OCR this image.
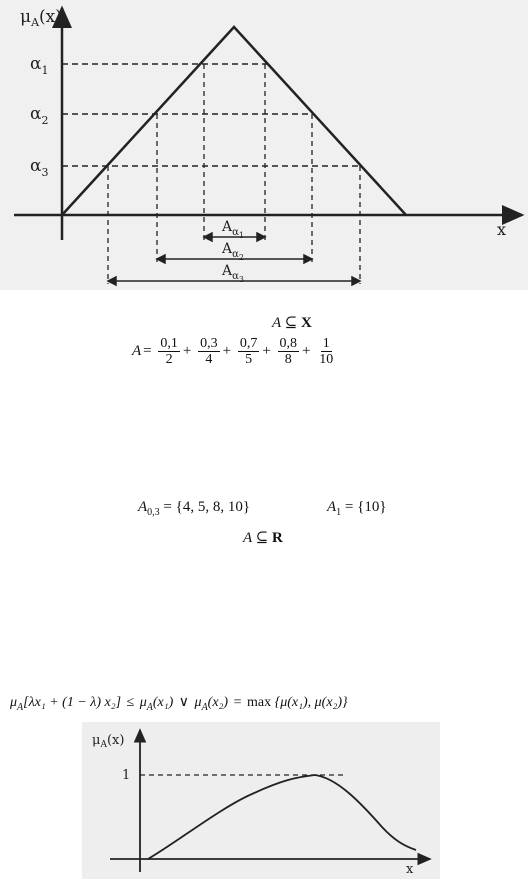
$\mu_A(x)$
x
$\alpha_1$
$\alpha_2$
$\alpha_3$
$A_{\alpha 1}$
$A_{\alpha 2}$
$A_{\alpha 3}$
A ⊆ X
$A = \frac{0,1}{2} + \frac{0,3}{4} + \frac{0,7}{5} + \frac{0,8}{8} + \frac{1}{10}$
$A_{0,3} = \{4$, 5, 8, 10}	$A_1 = \{10\}$
A ⊆ R
$\mu_A[\lambda x_1 + (1 - \lambda) x_2] \le \mu_A(x_1)$ ∨ $\mu_A(x_2) = \max \{\mu(x_1)$, μ(x₂)}
$\mu_A(x)$
1
x
